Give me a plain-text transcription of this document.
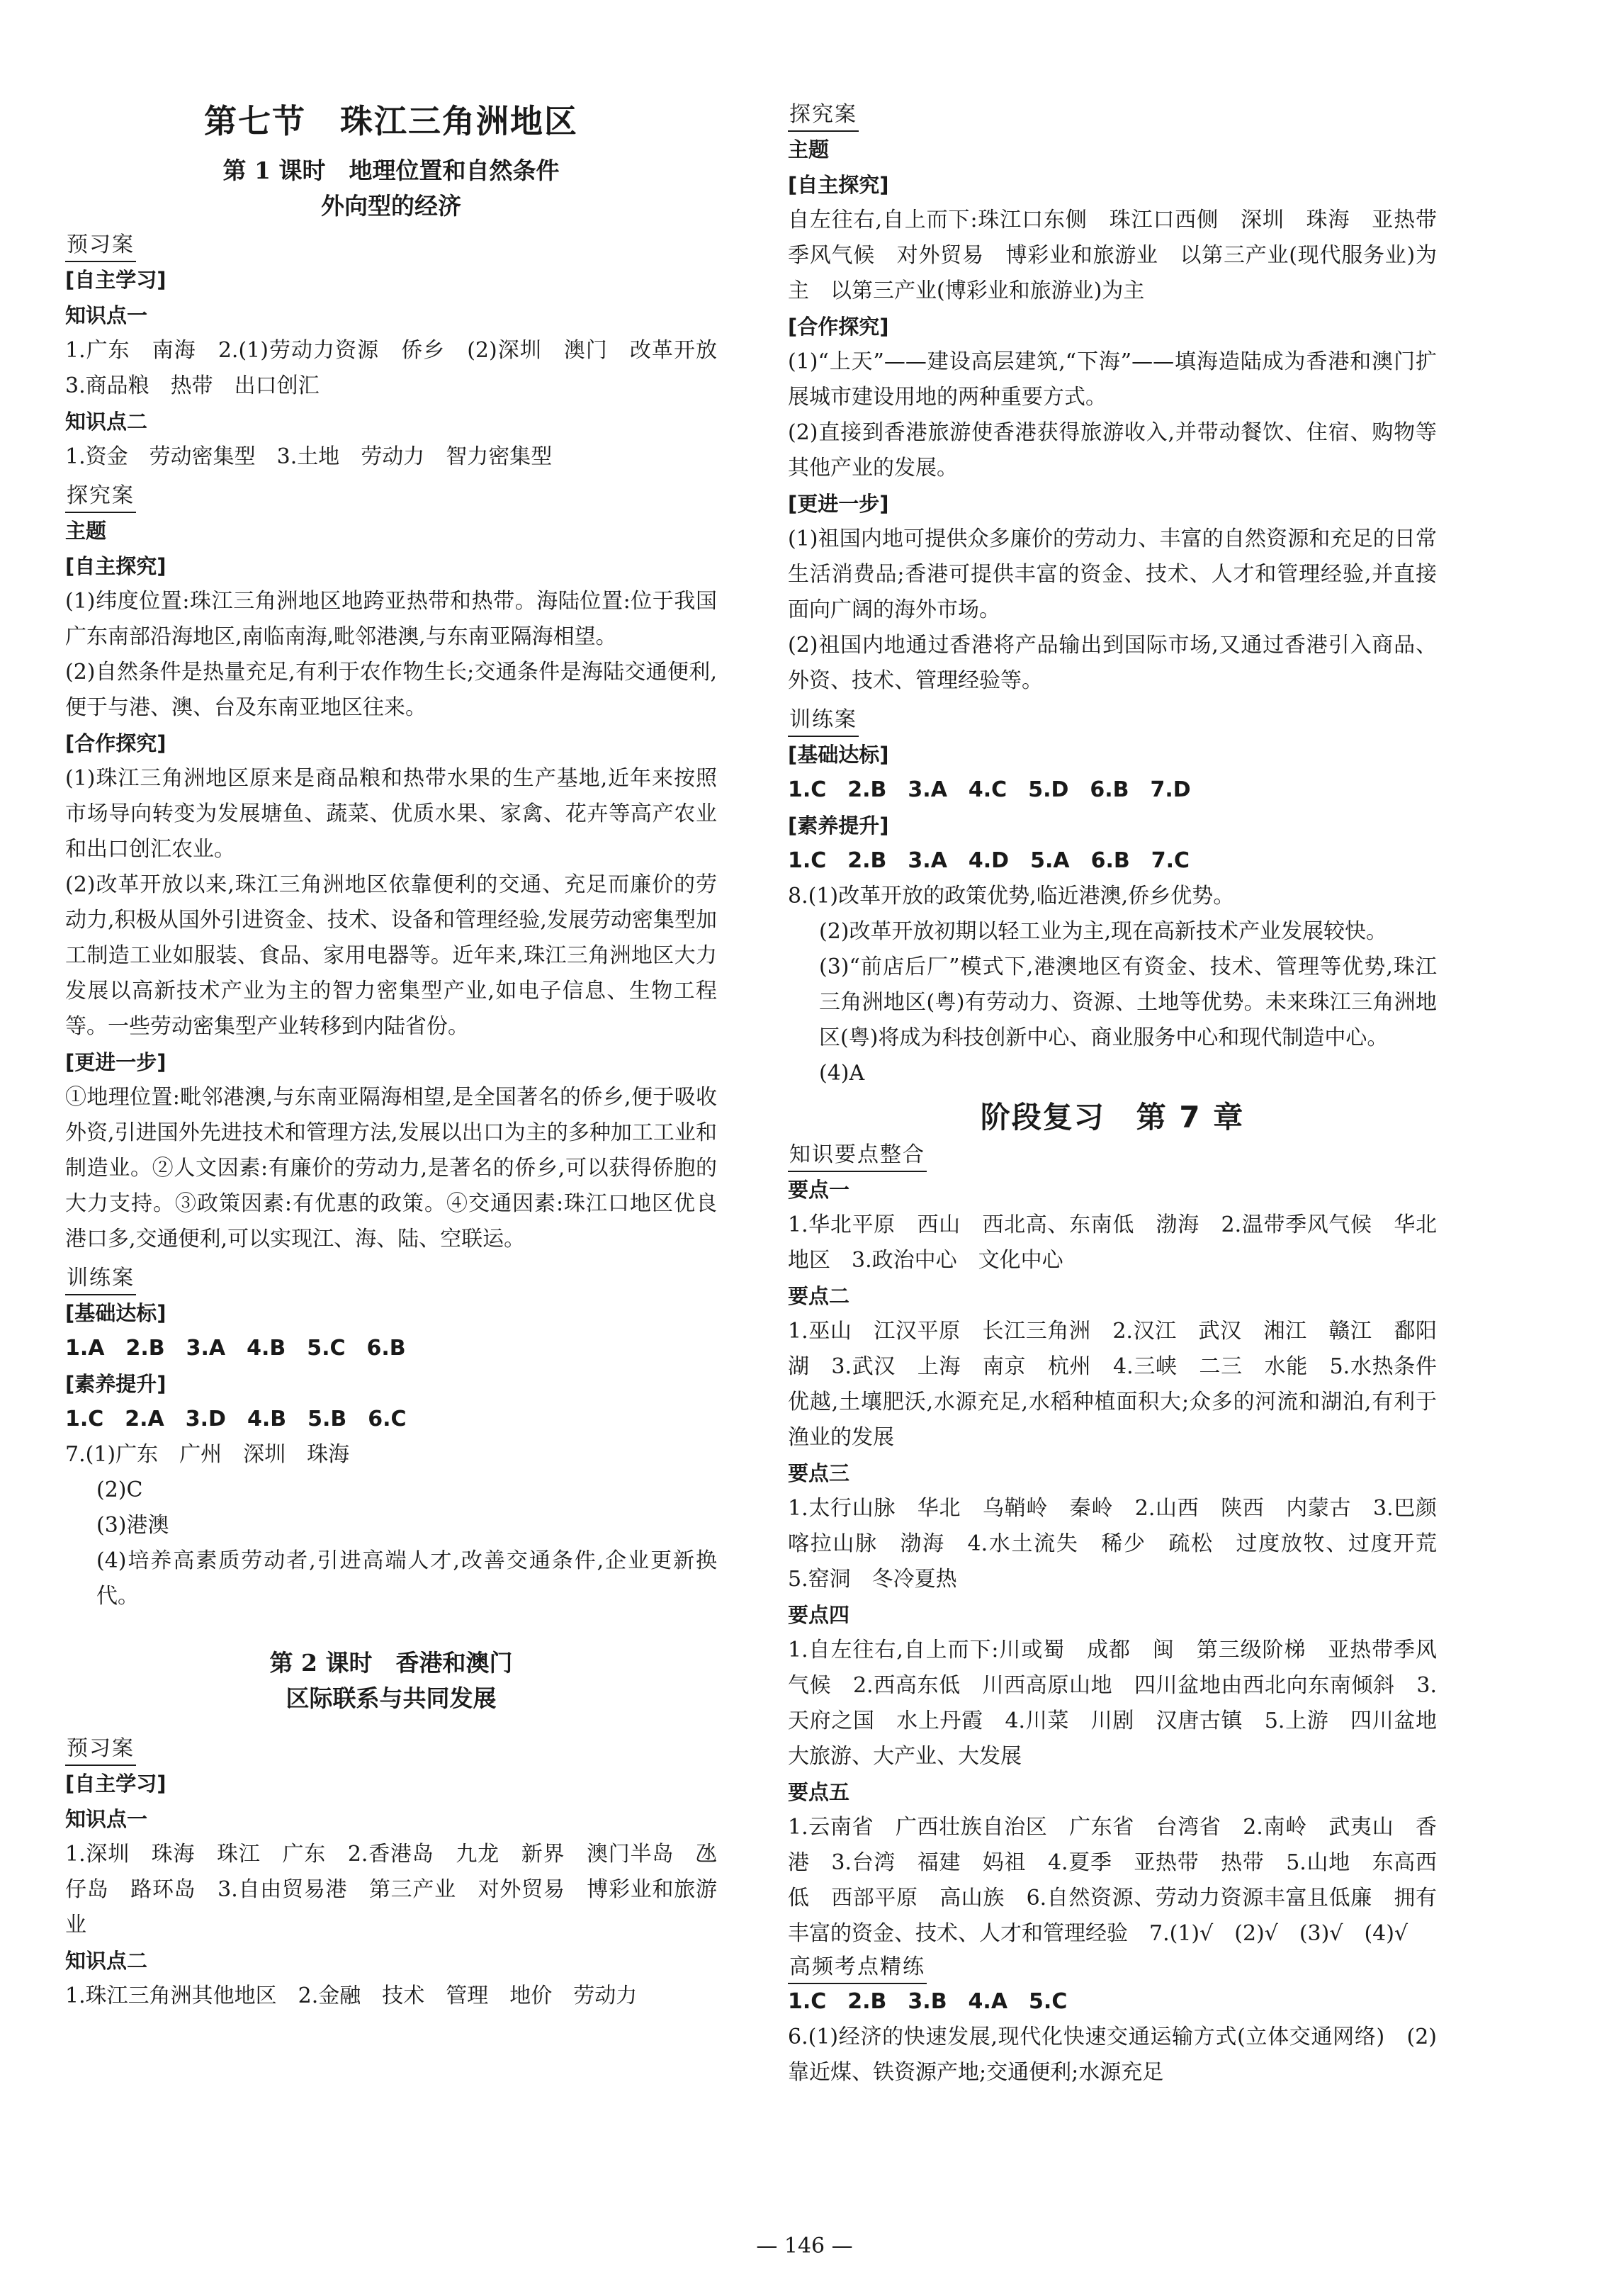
第七节　珠江三角洲地区
第 1 课时　地理位置和自然条件
外向型的经济
预习案
[自主学习]
知识点一

1.广东　南海　2.(1)劳动力资源　侨乡　(2)深圳　澳门　改革开放　3.商品粮　热带　出口创汇

知识点二

1.资金　劳动密集型　3.土地　劳动力　智力密集型

探究案
主题
[自主探究]

(1)纬度位置:珠江三角洲地区地跨亚热带和热带。海陆位置:位于我国广东南部沿海地区,南临南海,毗邻港澳,与东南亚隔海相望。

(2)自然条件是热量充足,有利于农作物生长;交通条件是海陆交通便利,便于与港、澳、台及东南亚地区往来。

[合作探究]

(1)珠江三角洲地区原来是商品粮和热带水果的生产基地,近年来按照市场导向转变为发展塘鱼、蔬菜、优质水果、家禽、花卉等高产农业和出口创汇农业。

(2)改革开放以来,珠江三角洲地区依靠便利的交通、充足而廉价的劳动力,积极从国外引进资金、技术、设备和管理经验,发展劳动密集型加工制造工业如服装、食品、家用电器等。近年来,珠江三角洲地区大力发展以高新技术产业为主的智力密集型产业,如电子信息、生物工程等。一些劳动密集型产业转移到内陆省份。

[更进一步]

①地理位置:毗邻港澳,与东南亚隔海相望,是全国著名的侨乡,便于吸收外资,引进国外先进技术和管理方法,发展以出口为主的多种加工工业和制造业。②人文因素:有廉价的劳动力,是著名的侨乡,可以获得侨胞的大力支持。③政策因素:有优惠的政策。④交通因素:珠江口地区优良港口多,交通便利,可以实现江、海、陆、空联运。

训练案
[基础达标]
1.A　2.B　3.A　4.B　5.C　6.B
[素养提升]
1.C　2.A　3.D　4.B　5.B　6.C

7.(1)广东　广州　深圳　珠海

(2)C

(3)港澳

(4)培养高素质劳动者,引进高端人才,改善交通条件,企业更新换代。

第 2 课时　香港和澳门
区际联系与共同发展
预习案
[自主学习]
知识点一

1.深圳　珠海　珠江　广东　2.香港岛　九龙　新界　澳门半岛　氹仔岛　路环岛　3.自由贸易港　第三产业　对外贸易　博彩业和旅游业

知识点二

1.珠江三角洲其他地区　2.金融　技术　管理　地价　劳动力

探究案
主题
[自主探究]

自左往右,自上而下:珠江口东侧　珠江口西侧　深圳　珠海　亚热带季风气候　对外贸易　博彩业和旅游业　以第三产业(现代服务业)为主　以第三产业(博彩业和旅游业)为主

[合作探究]

(1)“上天”——建设高层建筑,“下海”——填海造陆成为香港和澳门扩展城市建设用地的两种重要方式。

(2)直接到香港旅游使香港获得旅游收入,并带动餐饮、住宿、购物等其他产业的发展。

[更进一步]

(1)祖国内地可提供众多廉价的劳动力、丰富的自然资源和充足的日常生活消费品;香港可提供丰富的资金、技术、人才和管理经验,并直接面向广阔的海外市场。

(2)祖国内地通过香港将产品输出到国际市场,又通过香港引入商品、外资、技术、管理经验等。

训练案
[基础达标]
1.C　2.B　3.A　4.C　5.D　6.B　7.D
[素养提升]
1.C　2.B　3.A　4.D　5.A　6.B　7.C

8.(1)改革开放的政策优势,临近港澳,侨乡优势。

(2)改革开放初期以轻工业为主,现在高新技术产业发展较快。

(3)“前店后厂”模式下,港澳地区有资金、技术、管理等优势,珠江三角洲地区(粤)有劳动力、资源、土地等优势。未来珠江三角洲地区(粤)将成为科技创新中心、商业服务中心和现代制造中心。

(4)A

阶段复习　第 7 章
知识要点整合
要点一

1.华北平原　西山　西北高、东南低　渤海　2.温带季风气候　华北地区　3.政治中心　文化中心

要点二

1.巫山　江汉平原　长江三角洲　2.汉江　武汉　湘江　赣江　鄱阳湖　3.武汉　上海　南京　杭州　4.三峡　二三　水能　5.水热条件优越,土壤肥沃,水源充足,水稻种植面积大;众多的河流和湖泊,有利于渔业的发展

要点三

1.太行山脉　华北　乌鞘岭　秦岭　2.山西　陕西　内蒙古　3.巴颜喀拉山脉　渤海　4.水土流失　稀少　疏松　过度放牧、过度开荒　5.窑洞　冬冷夏热

要点四

1.自左往右,自上而下:川或蜀　成都　闽　第三级阶梯　亚热带季风气候　2.西高东低　川西高原山地　四川盆地由西北向东南倾斜　3.天府之国　水上丹霞　4.川菜　川剧　汉唐古镇　5.上游　四川盆地　大旅游、大产业、大发展

要点五

1.云南省　广西壮族自治区　广东省　台湾省　2.南岭　武夷山　香港　3.台湾　福建　妈祖　4.夏季　亚热带　热带　5.山地　东高西低　西部平原　高山族　6.自然资源、劳动力资源丰富且低廉　拥有丰富的资金、技术、人才和管理经验　7.(1)√　(2)√　(3)√　(4)√

高频考点精练
1.C　2.B　3.B　4.A　5.C

6.(1)经济的快速发展,现代化快速交通运输方式(立体交通网络)　(2)靠近煤、铁资源产地;交通便利;水源充足

— 146 —
